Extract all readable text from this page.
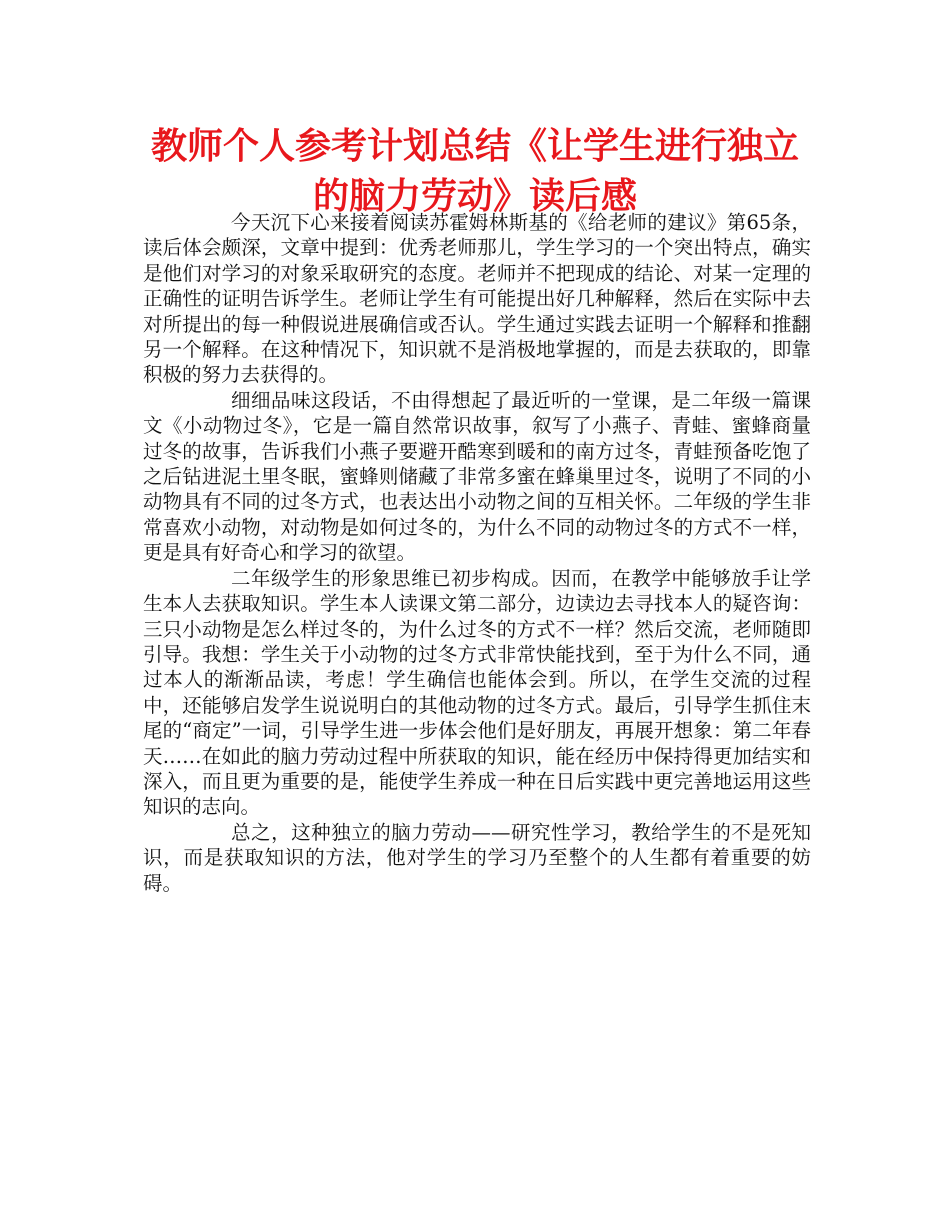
教师个人参考计划总结《让学生进行独立的脑力劳动》读后感

今天沉下心来接着阅读苏霍姆林斯基的《给老师的建议》第65条，读后体会颇深，文章中提到：优秀老师那儿，学生学习的一个突出特点，确实是他们对学习的对象采取研究的态度。老师并不把现成的结论、对某一定理的正确性的证明告诉学生。老师让学生有可能提出好几种解释，然后在实际中去对所提出的每一种假说进展确信或否认。学生通过实践去证明一个解释和推翻另一个解释。在这种情况下，知识就不是消极地掌握的，而是去获取的，即靠积极的努力去获得的。

细细品味这段话，不由得想起了最近听的一堂课，是二年级一篇课文《小动物过冬》，它是一篇自然常识故事，叙写了小燕子、青蛙、蜜蜂商量过冬的故事，告诉我们小燕子要避开酷寒到暖和的南方过冬，青蛙预备吃饱了之后钻进泥土里冬眠，蜜蜂则储藏了非常多蜜在蜂巢里过冬，说明了不同的小动物具有不同的过冬方式，也表达出小动物之间的互相关怀。二年级的学生非常喜欢小动物，对动物是如何过冬的，为什么不同的动物过冬的方式不一样，更是具有好奇心和学习的欲望。

二年级学生的形象思维已初步构成。因而，在教学中能够放手让学生本人去获取知识。学生本人读课文第二部分，边读边去寻找本人的疑咨询：三只小动物是怎么样过冬的，为什么过冬的方式不一样？然后交流，老师随即引导。我想：学生关于小动物的过冬方式非常快能找到，至于为什么不同，通过本人的渐渐品读，考虑！学生确信也能体会到。所以，在学生交流的过程中，还能够启发学生说说明白的其他动物的过冬方式。最后，引导学生抓住末尾的“商定”一词，引导学生进一步体会他们是好朋友，再展开想象：第二年春天……在如此的脑力劳动过程中所获取的知识，能在经历中保持得更加结实和深入，而且更为重要的是，能使学生养成一种在日后实践中更完善地运用这些知识的志向。

总之，这种独立的脑力劳动——研究性学习，教给学生的不是死知识，而是获取知识的方法，他对学生的学习乃至整个的人生都有着重要的妨碍。
